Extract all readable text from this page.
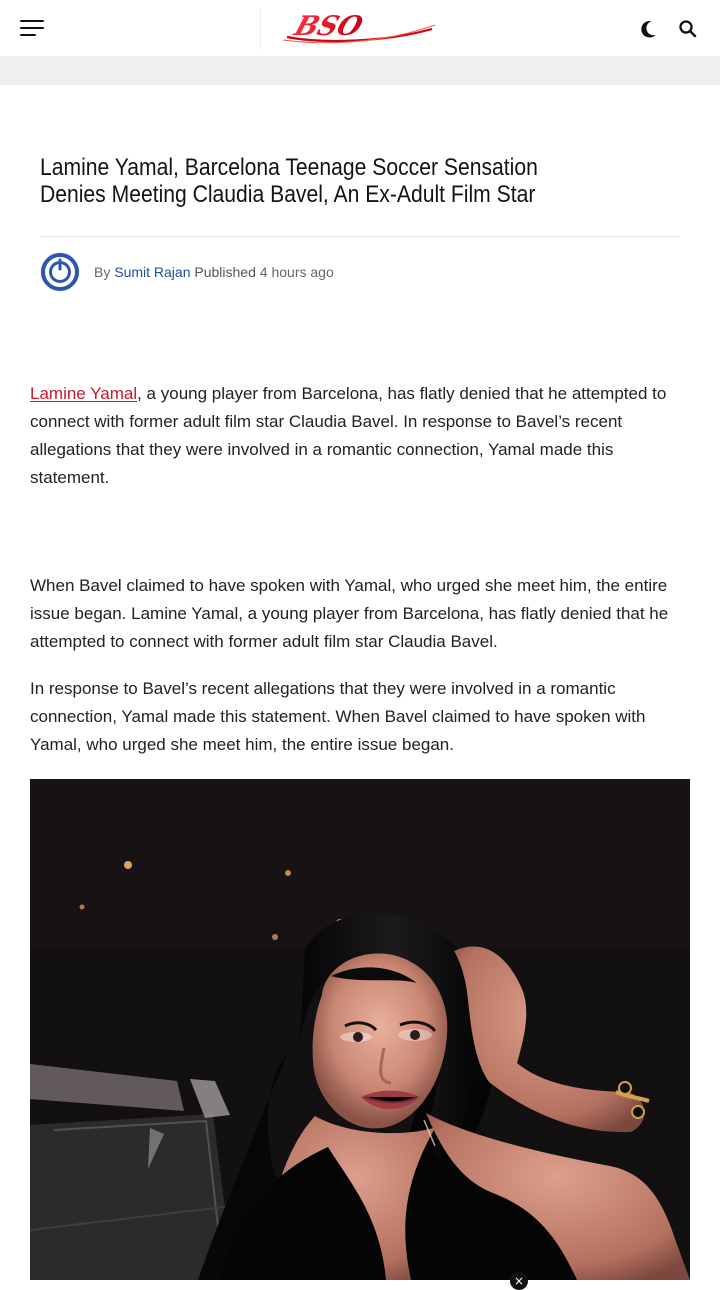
BSO
Lamine Yamal, Barcelona Teenage Soccer Sensation Denies Meeting Claudia Bavel, An Ex-Adult Film Star
By Sumit Rajan Published 4 hours ago

Lamine Yamal, a young player from Barcelona, has flatly denied that he attempted to connect with former adult film star Claudia Bavel. In response to Bavel’s recent allegations that they were involved in a romantic connection, Yamal made this statement.

When Bavel claimed to have spoken with Yamal, who urged she meet him, the entire issue began. Lamine Yamal, a young player from Barcelona, has flatly denied that he attempted to connect with former adult film star Claudia Bavel.

In response to Bavel’s recent allegations that they were involved in a romantic connection, Yamal made this statement. When Bavel claimed to have spoken with Yamal, who urged she meet him, the entire issue began.

×
